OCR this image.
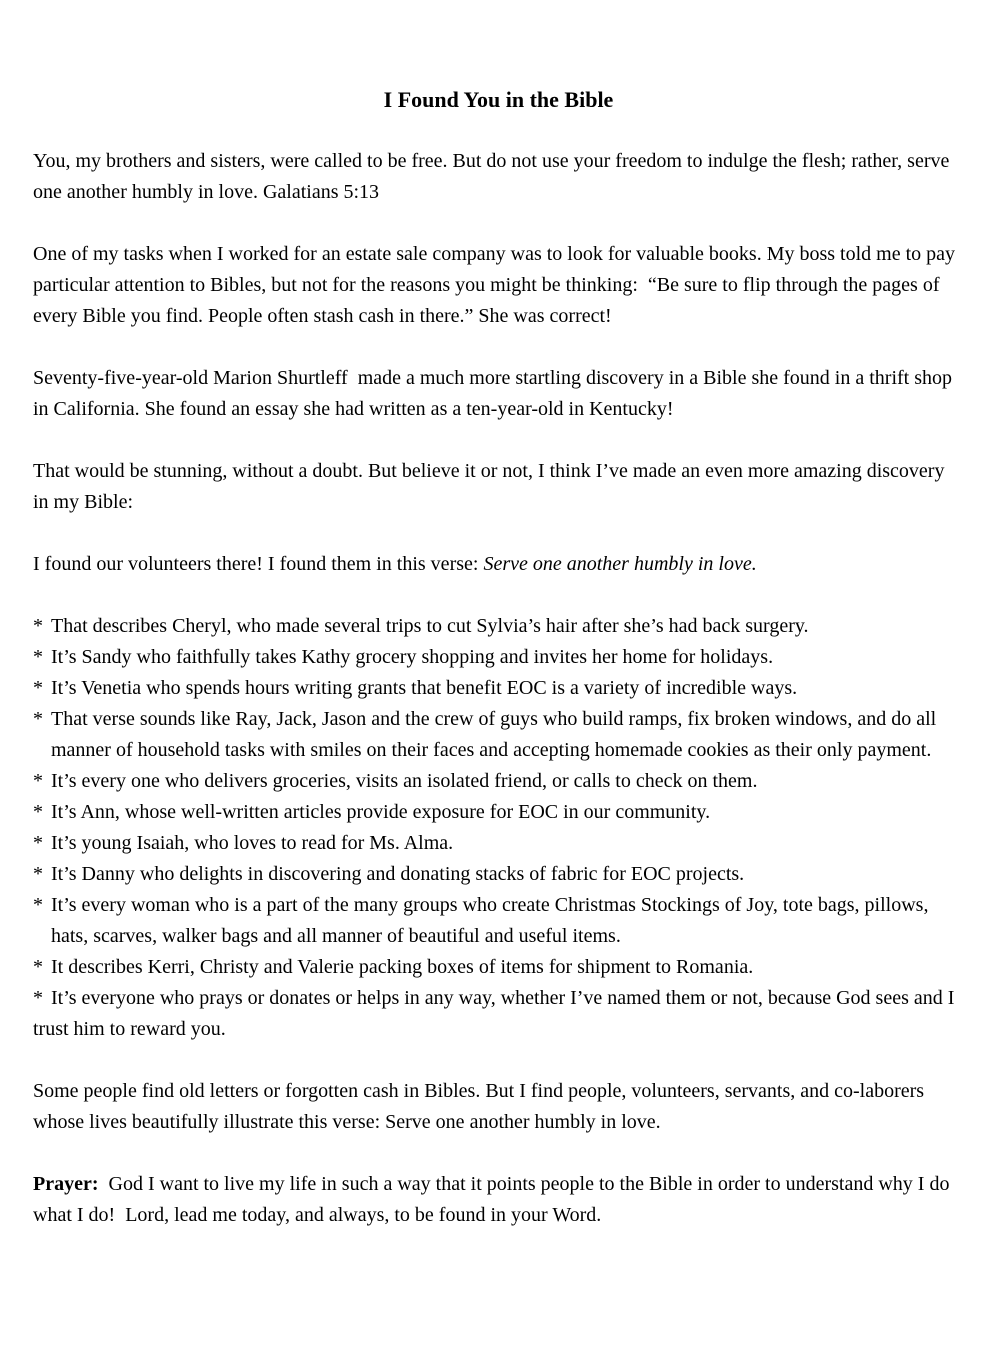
I Found You in the Bible

You, my brothers and sisters, were called to be free. But do not use your freedom to indulge the flesh; rather, serve one another humbly in love. Galatians 5:13

One of my tasks when I worked for an estate sale company was to look for valuable books. My boss told me to pay particular attention to Bibles, but not for the reasons you might be thinking:  “Be sure to flip through the pages of every Bible you find. People often stash cash in there.” She was correct!

Seventy-five-year-old Marion Shurtleff  made a much more startling discovery in a Bible she found in a thrift shop in California. She found an essay she had written as a ten-year-old in Kentucky!

That would be stunning, without a doubt. But believe it or not, I think I’ve made an even more amazing discovery in my Bible:

I found our volunteers there! I found them in this verse: Serve one another humbly in love.

* That describes Cheryl, who made several trips to cut Sylvia’s hair after she’s had back surgery.
* It’s Sandy who faithfully takes Kathy grocery shopping and invites her home for holidays.
* It’s Venetia who spends hours writing grants that benefit EOC is a variety of incredible ways.
* That verse sounds like Ray, Jack, Jason and the crew of guys who build ramps, fix broken windows, and do all manner of household tasks with smiles on their faces and accepting homemade cookies as their only payment.
* It’s every one who delivers groceries, visits an isolated friend, or calls to check on them.
* It’s Ann, whose well-written articles provide exposure for EOC in our community.
* It’s young Isaiah, who loves to read for Ms. Alma.
* It’s Danny who delights in discovering and donating stacks of fabric for EOC projects.
* It’s every woman who is a part of the many groups who create Christmas Stockings of Joy, tote bags, pillows, hats, scarves, walker bags and all manner of beautiful and useful items.
* It describes Kerri, Christy and Valerie packing boxes of items for shipment to Romania.
* It’s everyone who prays or donates or helps in any way, whether I’ve named them or not, because God sees and I trust him to reward you.

Some people find old letters or forgotten cash in Bibles. But I find people, volunteers, servants, and co-laborers whose lives beautifully illustrate this verse: Serve one another humbly in love.

Prayer:  God I want to live my life in such a way that it points people to the Bible in order to understand why I do what I do!  Lord, lead me today, and always, to be found in your Word.
